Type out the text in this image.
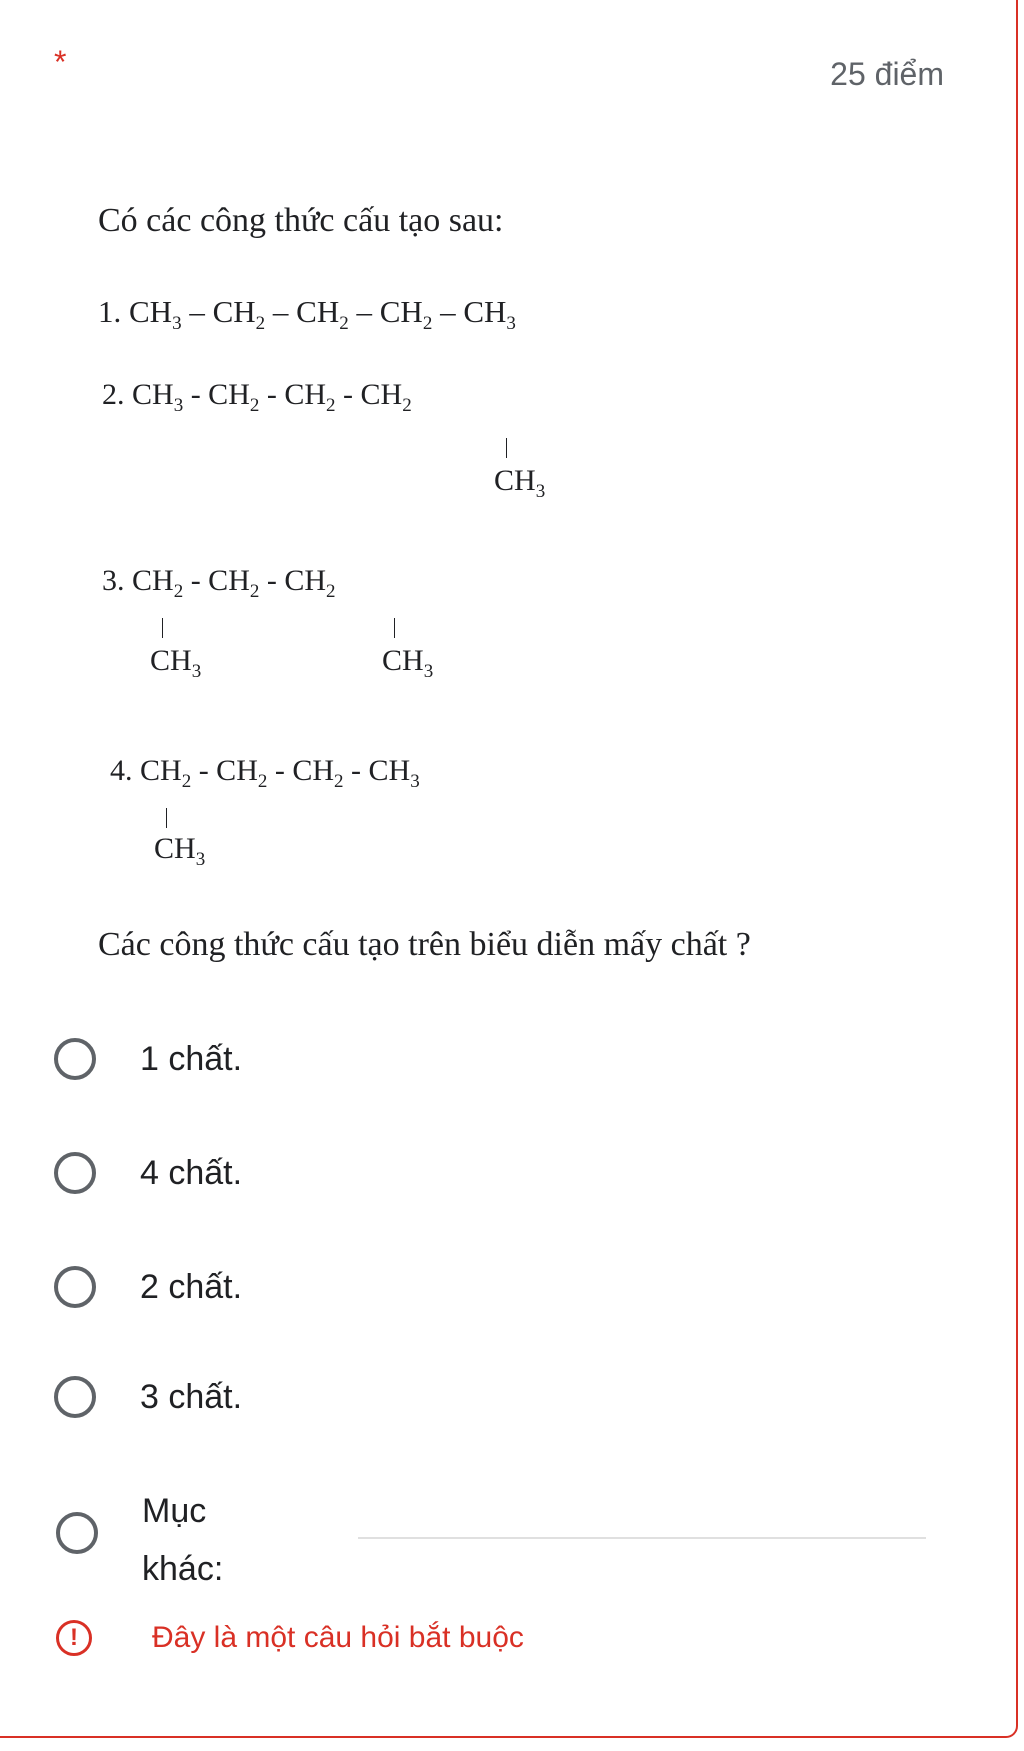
*	25 điểm
Có các công thức cấu tạo sau:
1. $CH_3 - CH_2 - CH_2 - CH_2 - CH_3$
2. $CH_3 - CH_2 - CH_2 - CH_2$
$CH_3$
3. $CH_2 - CH_2 - CH_2$
$CH_3$	$CH_3$
4. $CH_2 - CH_2 - CH_2 - CH_3$
$CH_3$
Các công thức cấu tạo trên biểu diễn mấy chất ?
1 chất.
4 chất.
2 chất.
3 chất.
Mục khác:
!	Đây là một câu hỏi bắt buộc
